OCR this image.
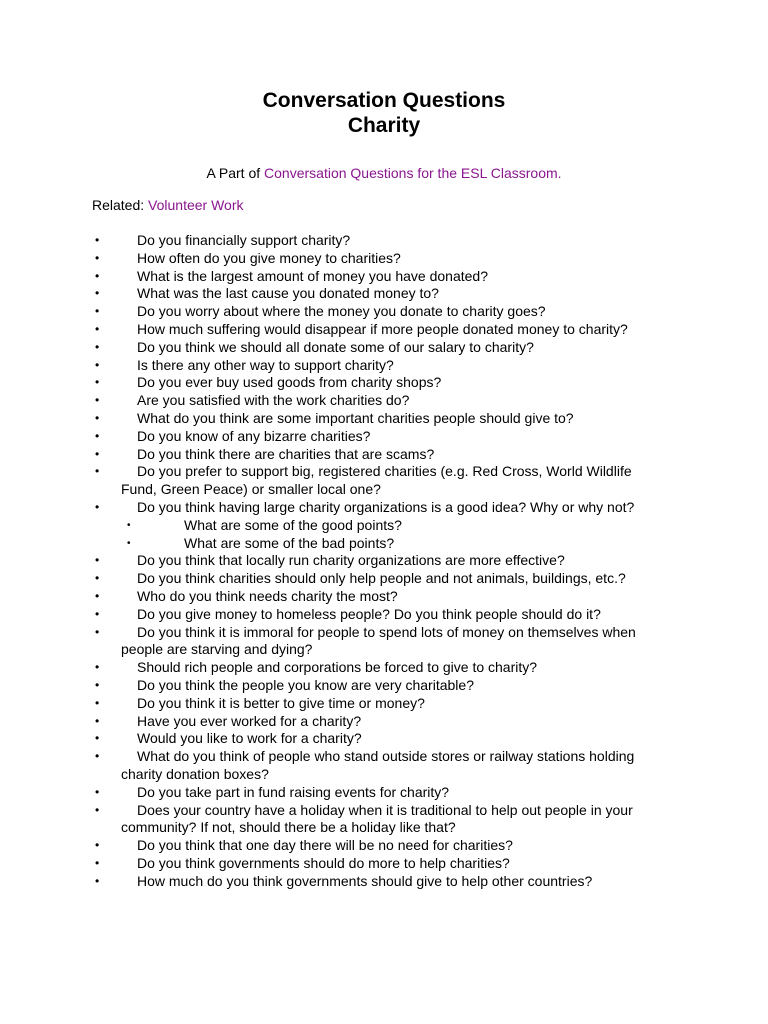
Conversation Questions
Charity
A Part of Conversation Questions for the ESL Classroom.
Related: Volunteer Work
•	Do you financially support charity?
•	How often do you give money to charities?
•	What is the largest amount of money you have donated?
•	What was the last cause you donated money to?
•	Do you worry about where the money you donate to charity goes?
•	How much suffering would disappear if more people donated money to charity?
•	Do you think we should all donate some of our salary to charity?
•	Is there any other way to support charity?
•	Do you ever buy used goods from charity shops?
•	Are you satisfied with the work charities do?
•	What do you think are some important charities people should give to?
•	Do you know of any bizarre charities?
•	Do you think there are charities that are scams?
•	Do you prefer to support big, registered charities (e.g. Red Cross, World Wildlife Fund, Green Peace) or smaller local one?
•	Do you think having large charity organizations is a good idea? Why or why not?
•	What are some of the good points?
•	What are some of the bad points?
•	Do you think that locally run charity organizations are more effective?
•	Do you think charities should only help people and not animals, buildings, etc.?
•	Who do you think needs charity the most?
•	Do you give money to homeless people? Do you think people should do it?
•	Do you think it is immoral for people to spend lots of money on themselves when people are starving and dying?
•	Should rich people and corporations be forced to give to charity?
•	Do you think the people you know are very charitable?
•	Do you think it is better to give time or money?
•	Have you ever worked for a charity?
•	Would you like to work for a charity?
•	What do you think of people who stand outside stores or railway stations holding charity donation boxes?
•	Do you take part in fund raising events for charity?
•	Does your country have a holiday when it is traditional to help out people in your community? If not, should there be a holiday like that?
•	Do you think that one day there will be no need for charities?
•	Do you think governments should do more to help charities?
•	How much do you think governments should give to help other countries?
